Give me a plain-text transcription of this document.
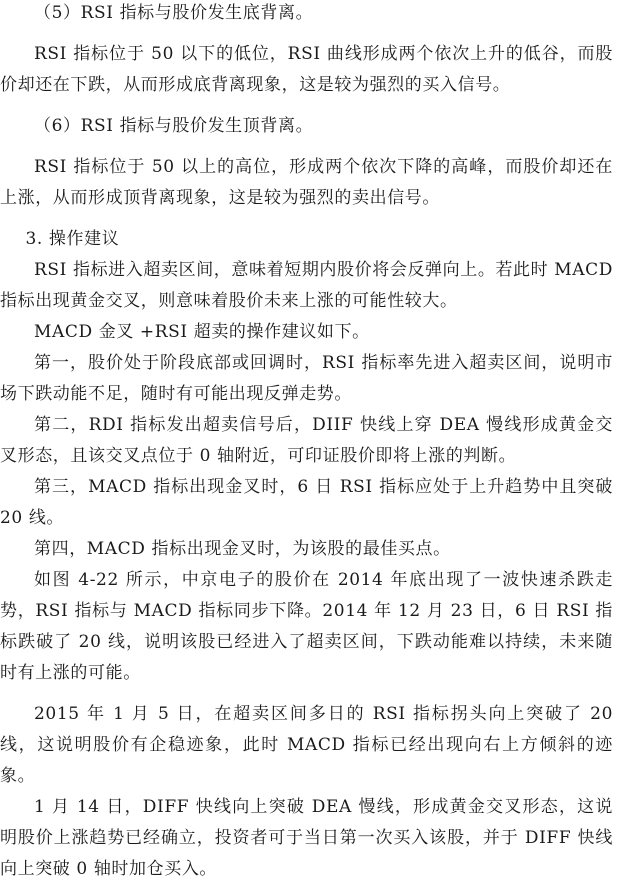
（5）RSI 指标与股价发生底背离。

RSI 指标位于 50 以下的低位，RSI 曲线形成两个依次上升的低谷，而股价却还在下跌，从而形成底背离现象，这是较为强烈的买入信号。

（6）RSI 指标与股价发生顶背离。

RSI 指标位于 50 以上的高位，形成两个依次下降的高峰，而股价却还在上涨，从而形成顶背离现象，这是较为强烈的卖出信号。

3. 操作建议

RSI 指标进入超卖区间，意味着短期内股价将会反弹向上。若此时 MACD 指标出现黄金交叉，则意味着股价未来上涨的可能性较大。

MACD 金叉 +RSI 超卖的操作建议如下。

第一，股价处于阶段底部或回调时，RSI 指标率先进入超卖区间，说明市场下跌动能不足，随时有可能出现反弹走势。

第二，RDI 指标发出超卖信号后，DIIF 快线上穿 DEA 慢线形成黄金交叉形态，且该交叉点位于 0 轴附近，可印证股价即将上涨的判断。

第三，MACD 指标出现金叉时，6 日 RSI 指标应处于上升趋势中且突破 20 线。

第四，MACD 指标出现金叉时，为该股的最佳买点。

如图 4-22 所示，中京电子的股价在 2014 年底出现了一波快速杀跌走势，RSI 指标与 MACD 指标同步下降。2014 年 12 月 23 日，6 日 RSI 指标跌破了 20 线，说明该股已经进入了超卖区间，下跌动能难以持续，未来随时有上涨的可能。

2015 年 1 月 5 日，在超卖区间多日的 RSI 指标拐头向上突破了 20 线，这说明股价有企稳迹象，此时 MACD 指标已经出现向右上方倾斜的迹象。

1 月 14 日，DIFF 快线向上突破 DEA 慢线，形成黄金交叉形态，这说明股价上涨趋势已经确立，投资者可于当日第一次买入该股，并于 DIFF 快线向上突破 0 轴时加仓买入。
